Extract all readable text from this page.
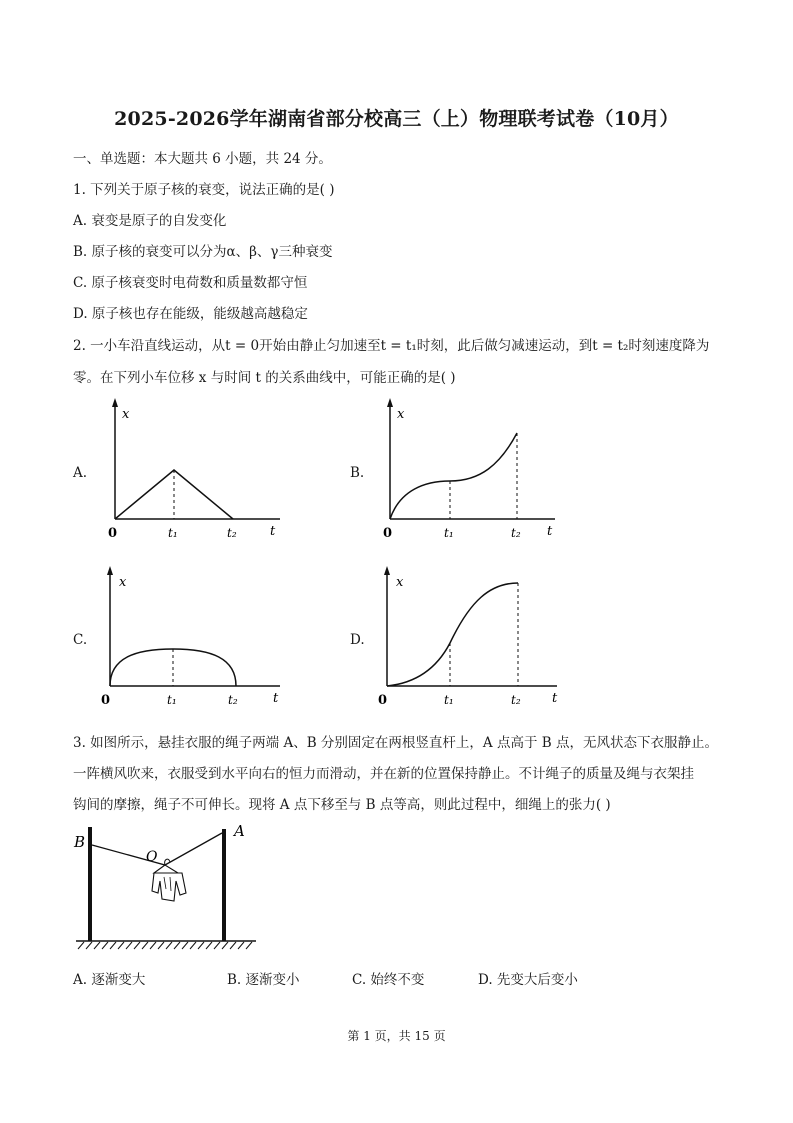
2025-2026学年湖南省部分校高三（上）物理联考试卷（10月）
一、单选题：本大题共 6 小题，共 24 分。
1. 下列关于原子核的衰变，说法正确的是( )
A. 衰变是原子的自发变化
B. 原子核的衰变可以分为α、β、γ三种衰变
C. 原子核衰变时电荷数和质量数都守恒
D. 原子核也存在能级，能级越高越稳定
2. 一小车沿直线运动，从t = 0开始由静止匀加速至t = t₁时刻，此后做匀减速运动，到t = t₂时刻速度降为
零。在下列小车位移 x 与时间 t 的关系曲线中，可能正确的是( )
A.	B.
C.	D.
x
t
0	t₁	t₂
x
t
0	t₁	t₂
x
t
0	t₁	t₂
x
t
0	t₁	t₂
3. 如图所示，悬挂衣服的绳子两端 A、B 分别固定在两根竖直杆上，A 点高于 B 点，无风状态下衣服静止。
一阵横风吹来，衣服受到水平向右的恒力而滑动，并在新的位置保持静止。不计绳子的质量及绳与衣架挂
钩间的摩擦，绳子不可伸长。现将 A 点下移至与 B 点等高，则此过程中，细绳上的张力( )
B
O
A
A. 逐渐变大	B. 逐渐变小	C. 始终不变	D. 先变大后变小
第 1 页，共 15 页
